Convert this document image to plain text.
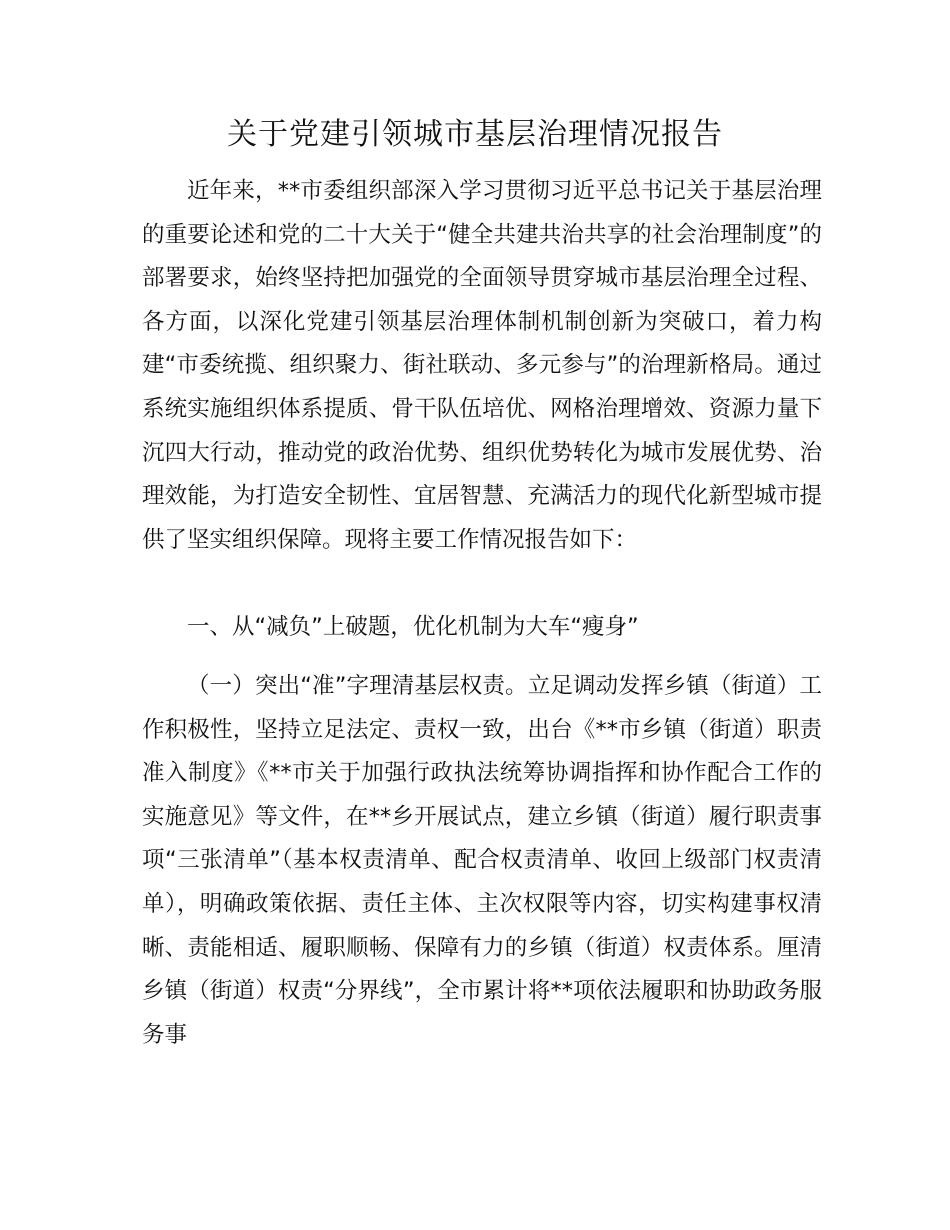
关于党建引领城市基层治理情况报告

近年来，**市委组织部深入学习贯彻习近平总书记关于基层治理的重要论述和党的二十大关于“健全共建共治共享的社会治理制度”的部署要求，始终坚持把加强党的全面领导贯穿城市基层治理全过程、各方面，以深化党建引领基层治理体制机制创新为突破口，着力构建“市委统揽、组织聚力、街社联动、多元参与”的治理新格局。通过系统实施组织体系提质、骨干队伍培优、网格治理增效、资源力量下沉四大行动，推动党的政治优势、组织优势转化为城市发展优势、治理效能，为打造安全韧性、宜居智慧、充满活力的现代化新型城市提供了坚实组织保障。现将主要工作情况报告如下：

一、从“减负”上破题，优化机制为大车“瘦身”

（一）突出“准”字理清基层权责。立足调动发挥乡镇（街道）工作积极性，坚持立足法定、责权一致，出台《**市乡镇（街道）职责准入制度》《**市关于加强行政执法统筹协调指挥和协作配合工作的实施意见》等文件，在**乡开展试点，建立乡镇（街道）履行职责事项“三张清单”（基本权责清单、配合权责清单、收回上级部门权责清单），明确政策依据、责任主体、主次权限等内容，切实构建事权清晰、责能相适、履职顺畅、保障有力的乡镇（街道）权责体系。厘清乡镇（街道）权责“分界线”，全市累计将**项依法履职和协助政务服务事
